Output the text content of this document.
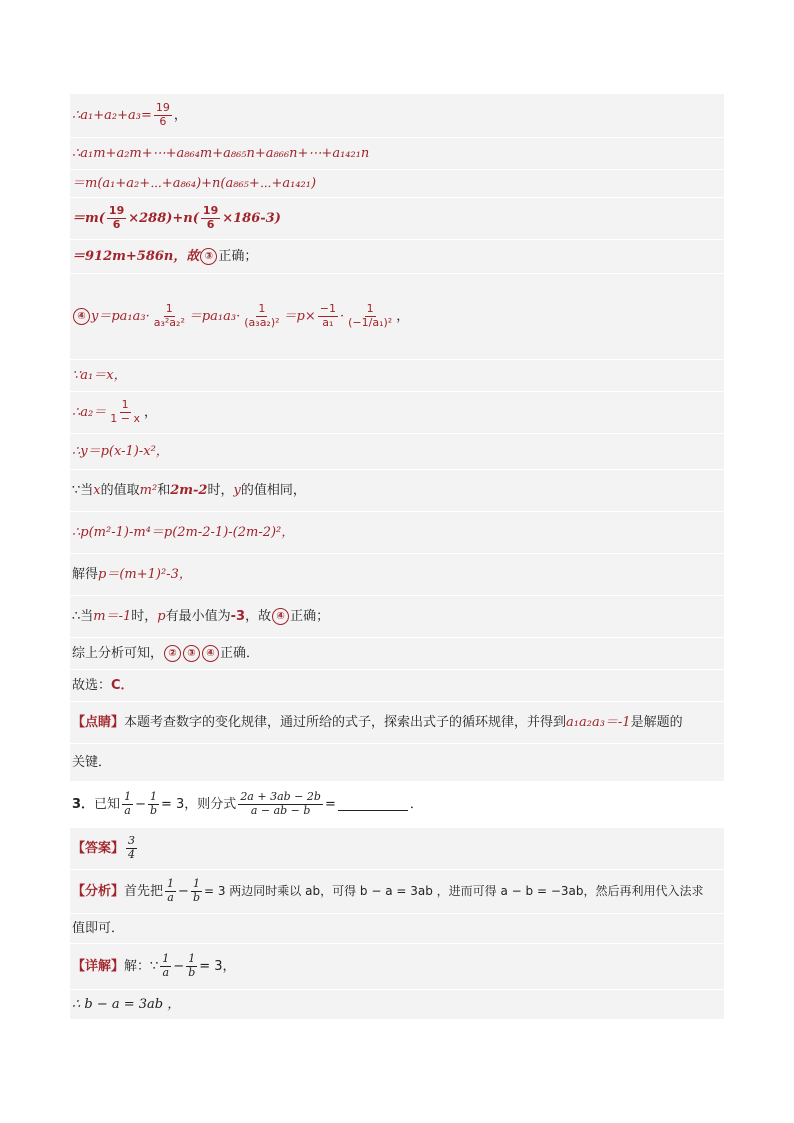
∴a₁+a₂+a₃= $\frac{19}{6}$ ，
∴a₁m+a₂m+⋯+a₈₆₄m+a₈₆₅n+a₈₆₆n+⋯+a₁₄₂₁n
＝m(a₁+a₂+⋯+a₈₆₄)+n(a₈₆₅+⋯+a₁₄₂₁)
$=m( \frac{19}{6} \times 288)+n( \frac{19}{6} \times 186-3)$
＝912m+586n，故 ③ 正确；
④ $y=pa_1a_3\cdot \frac{1}{\text{a₃²a₂²}} =pa_1a_3\cdot \frac{1}{\text{(a₃a₂)²}} =p\times \frac{-1}{\text{a₁}} \cdot \frac{1}{\text{(−1/a₁)²}}$ ，
∵a₁＝x，
∴a₂＝ $\frac{1}{1 - x}$ ，
∴y＝p(x-1)-x²，
∵当 x 的值取 m² 和 2m-2 时， y 的值相同，
∴p(m²-1)-m⁴＝p(2m-2-1)-(2m-2)²，
解得 p＝(m+1)²-3，
∴当 m＝-1 时， p 有最小值为 -3 ，故 ④ 正确；
综上分析可知， ②	③	④ 正确．
故选： C．
【点睛】 本题考查数字的变化规律，通过所给的式子，探索出式子的循环规律，并得到 a₁a₂a₃＝-1 是解题的
关键．
3． 已知 $\frac{1}{a} - \frac{1}{b} = 3$，则分式 $\frac{2a + 3ab - 2b}{a - ab - b}$ =	．
【答案】 $\frac{3}{4}$
【分析】 首先把 $\frac{1}{a} - \frac{1}{b} = 3$ 两边同时乘以 ab，可得 b − a = 3ab ，进而可得 a − b = −3ab，然后再利用代入法求
值即可．
【详解】 解：∵ $\frac{1}{a} - \frac{1}{b} = 3$，
∴ b − a = 3ab ，
